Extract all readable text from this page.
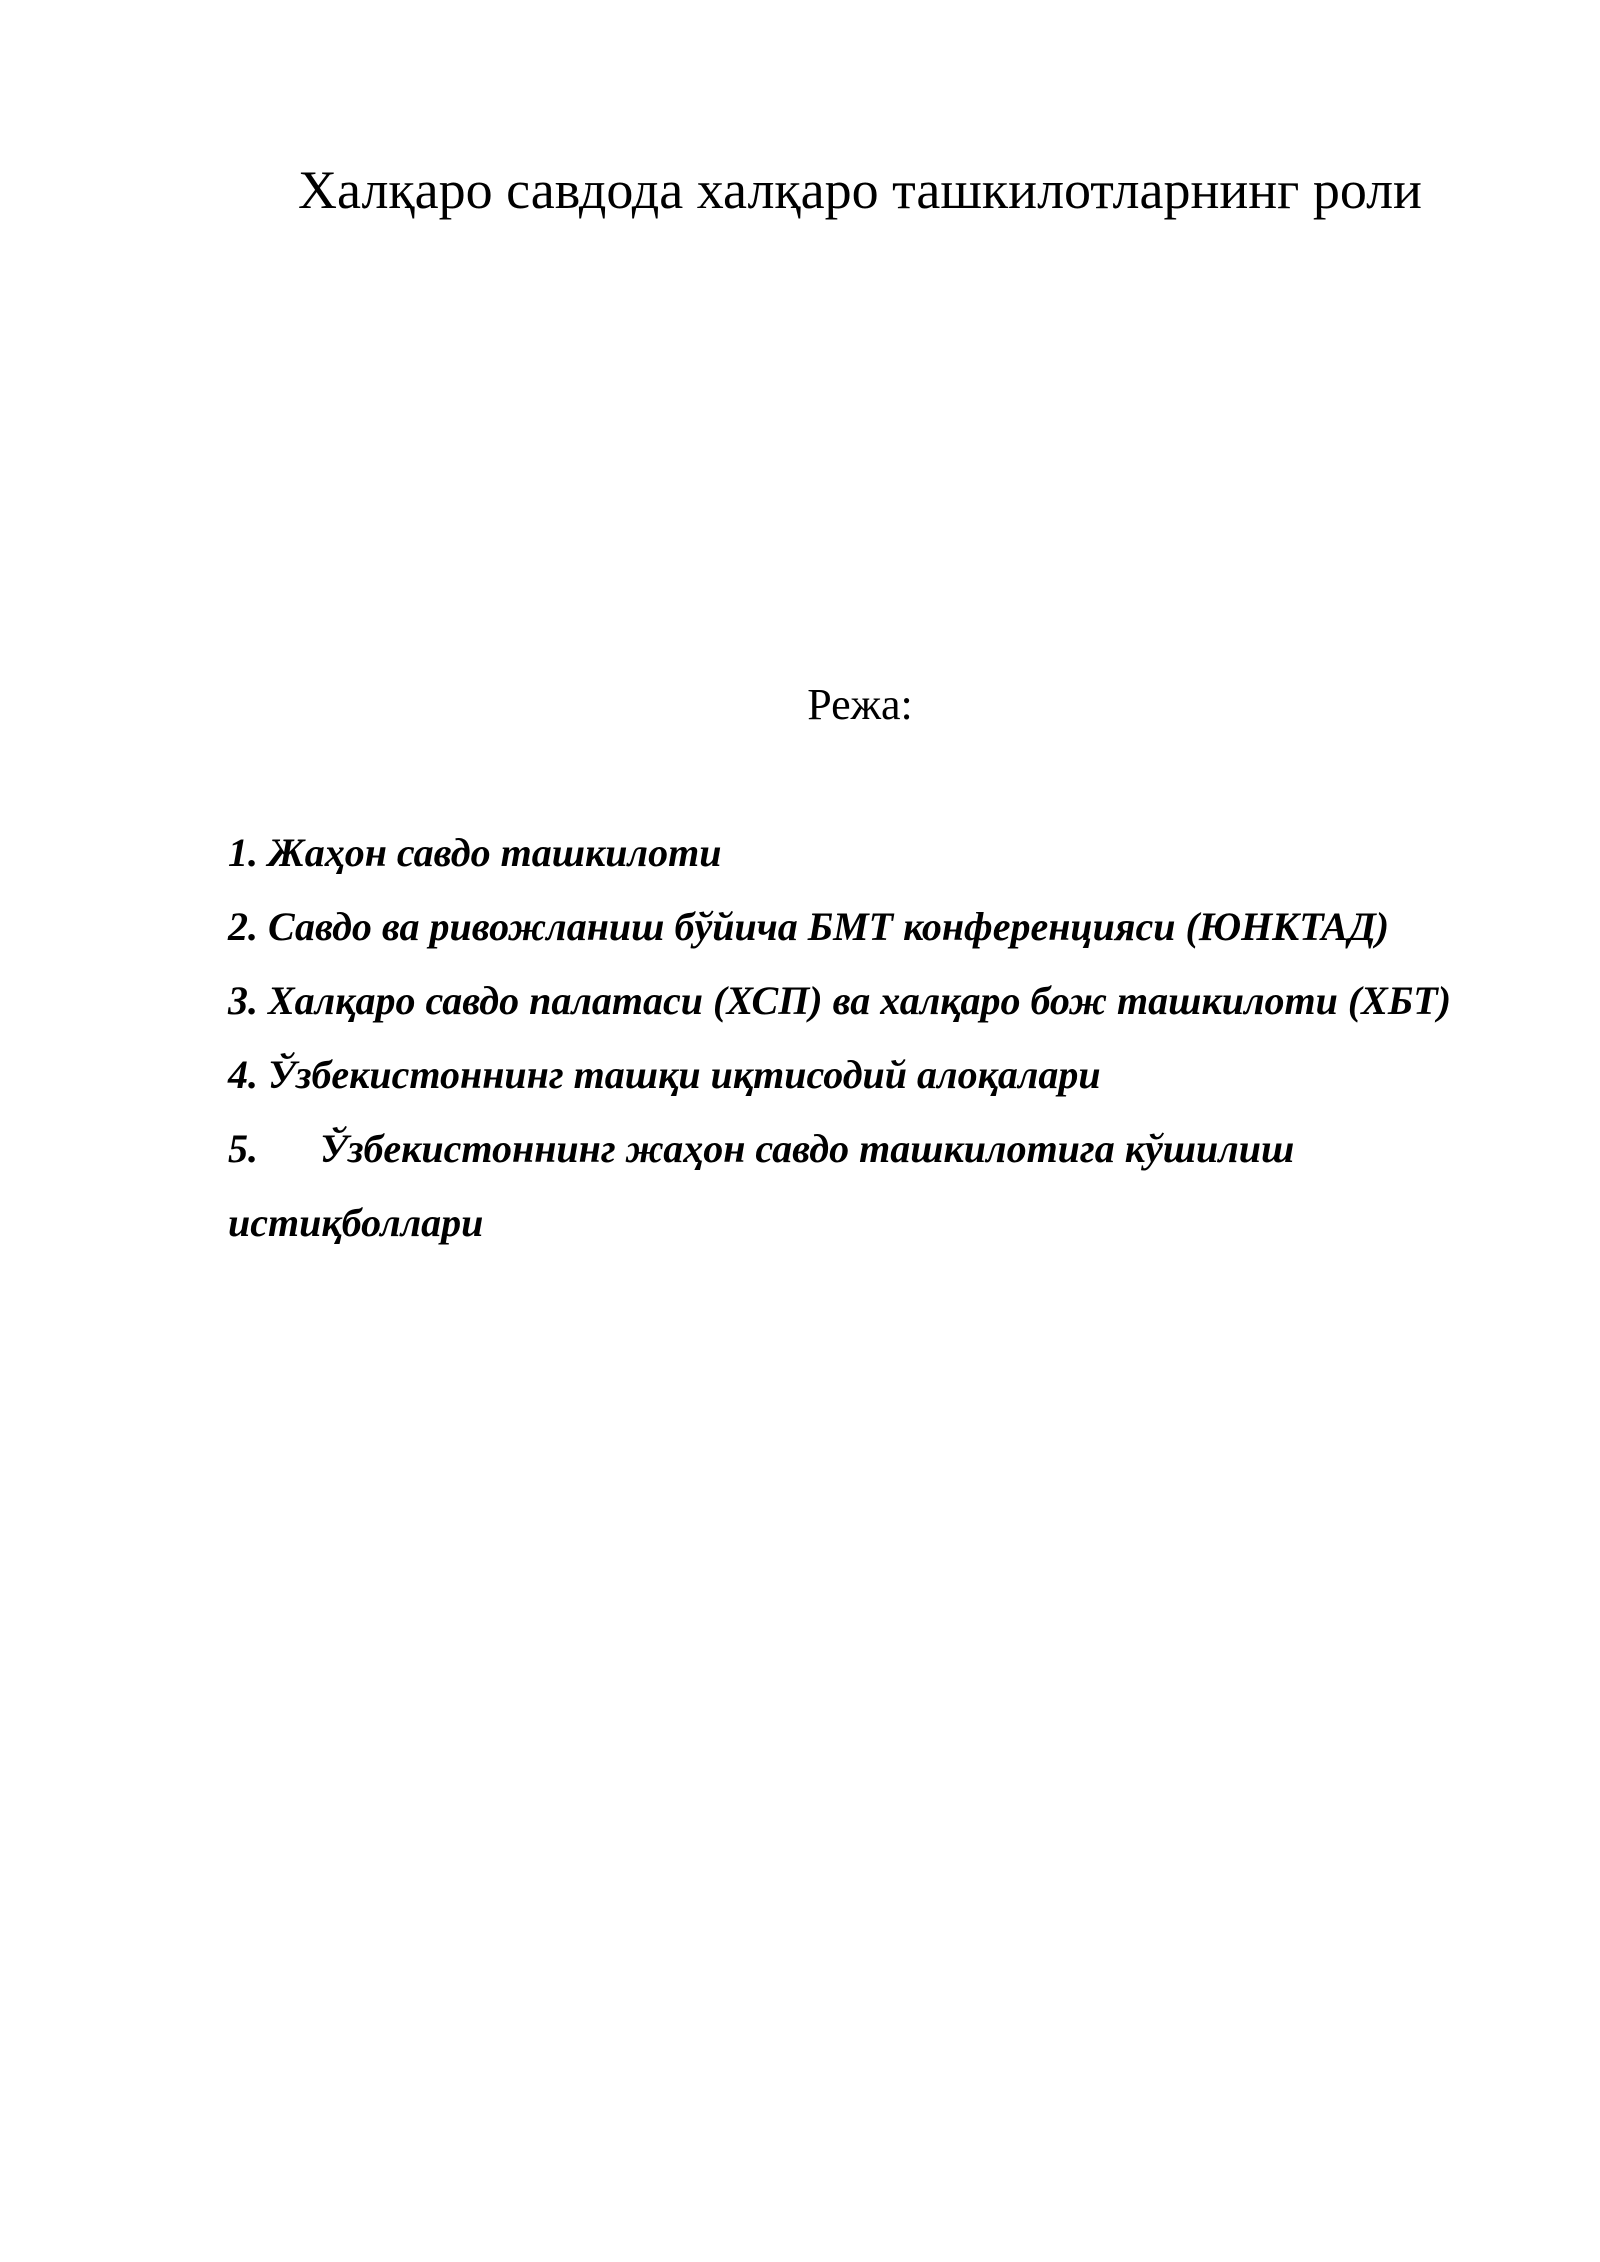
Халқаро савдода халқаро ташкилотларнинг роли
Режа:
1. Жаҳон савдо ташкилоти
2. Савдо ва ривожланиш бўйича БМТ конференцияси (ЮНКТАД)
3. Халқаро савдо палатаси (ХСП) ва халқаро бож ташкилоти (ХБТ)
4. Ўзбекистоннинг ташқи иқтисодий алоқалари
5. Ўзбекистоннинг жаҳон савдо ташкилотига кўшилиш истиқболлари
